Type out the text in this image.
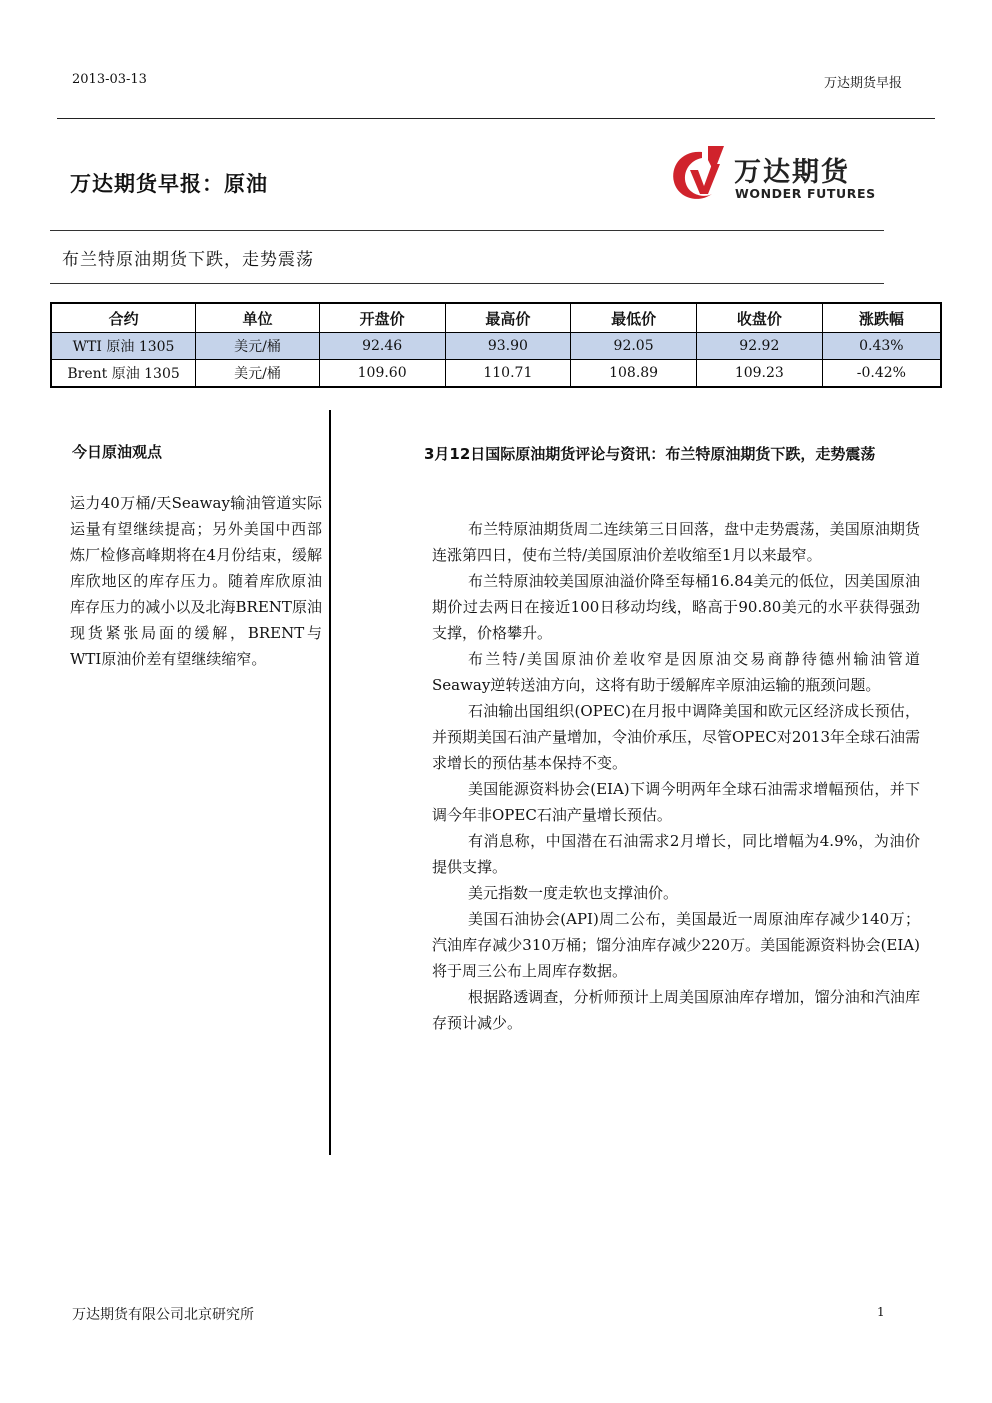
2013-03-13	万达期货早报
万达期货早报：原油	万达期货
WONDER FUTURES
布兰特原油期货下跌，走势震荡
合约	单位	开盘价	最高价	最低价	收盘价	涨跌幅
WTI 原油 1305	美元/桶	92.46	93.90	92.05	92.92	0.43%
Brent 原油 1305	美元/桶	109.60	110.71	108.89	109.23	-0.42%
今日原油观点
运力40万桶/天Seaway输油管道实际运量有望继续提高；另外美国中西部炼厂检修高峰期将在4月份结束，缓解库欣地区的库存压力。随着库欣原油库存压力的减小以及北海BRENT原油现货紧张局面的缓解，BRENT与WTI原油价差有望继续缩窄。
3月12日国际原油期货评论与资讯：布兰特原油期货下跌，走势震荡

布兰特原油期货周二连续第三日回落，盘中走势震荡，美国原油期货连涨第四日，使布兰特/美国原油价差收缩至1月以来最窄。

布兰特原油较美国原油溢价降至每桶16.84美元的低位，因美国原油期价过去两日在接近100日移动均线，略高于90.80美元的水平获得强劲支撑，价格攀升。

布兰特/美国原油价差收窄是因原油交易商静待德州输油管道Seaway逆转送油方向，这将有助于缓解库辛原油运输的瓶颈问题。

石油输出国组织(OPEC)在月报中调降美国和欧元区经济成长预估，并预期美国石油产量增加，令油价承压，尽管OPEC对2013年全球石油需求增长的预估基本保持不变。

美国能源资料协会(EIA)下调今明两年全球石油需求增幅预估，并下调今年非OPEC石油产量增长预估。

有消息称，中国潜在石油需求2月增长，同比增幅为4.9%，为油价提供支撑。

美元指数一度走软也支撑油价。

美国石油协会(API)周二公布，美国最近一周原油库存减少140万；汽油库存减少310万桶；馏分油库存减少220万。美国能源资料协会(EIA)将于周三公布上周库存数据。

根据路透调查，分析师预计上周美国原油库存增加，馏分油和汽油库存预计减少。

万达期货有限公司北京研究所	1
